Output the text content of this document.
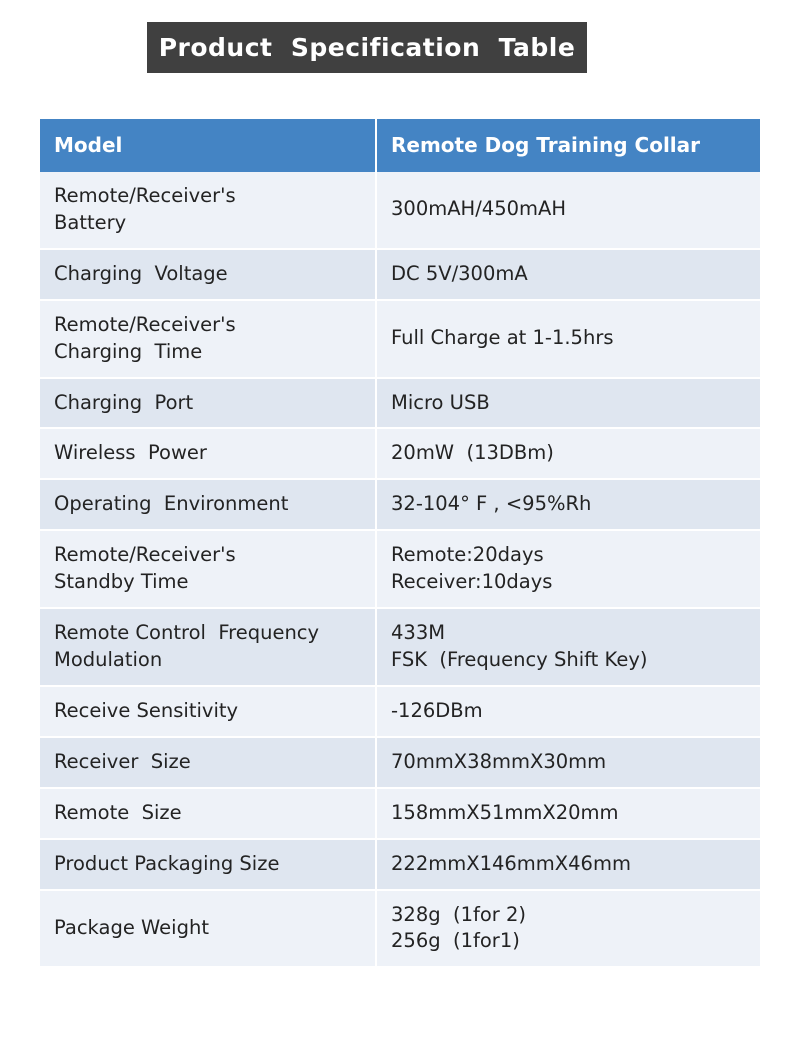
Product  Specification  Table
Model	Remote Dog Training Collar

Remote/Receiver's
Battery	300mAH/450mAH

Charging  Voltage	DC 5V/300mA

Remote/Receiver's
Charging  Time	Full Charge at 1-1.5hrs

Charging  Port	Micro USB

Wireless  Power	20mW  (13DBm)

Operating  Environment	32-104° F , <95%Rh

Remote/Receiver's
Standby Time	Remote:20days
Receiver:10days

Remote Control  Frequency
Modulation	433M
FSK  (Frequency Shift Key)

Receive Sensitivity	-126DBm

Receiver  Size	70mmX38mmX30mm

Remote  Size	158mmX51mmX20mm

Product Packaging Size	222mmX146mmX46mm

Package Weight	328g  (1for 2)
256g  (1for1)
